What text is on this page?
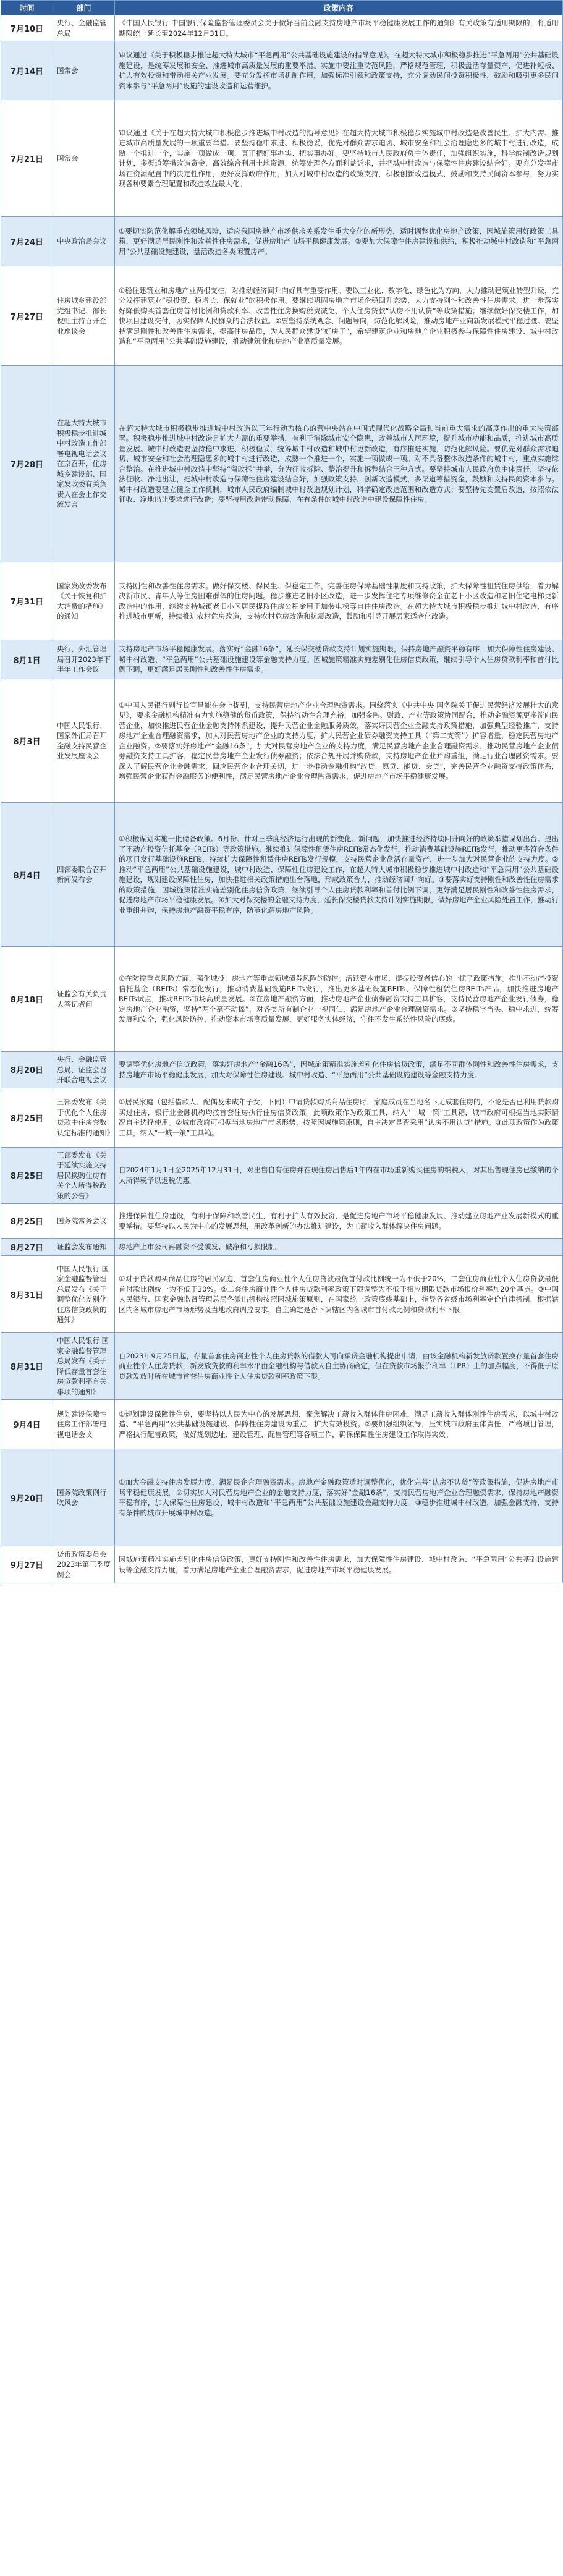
时间	部门	政策内容
7月10日	央行、金融监管总局	《中国人民银行 中国银行保险监督管理委员会关于做好当前金融支持房地产市场平稳健康发展工作的通知》有关政策有适用期限的，将适用期限统一延长至2024年12月31日。
7月14日	国常会	审议通过《关于积极稳步推进超大特大城市“平急两用”公共基础设施建设的指导意见》。在超大特大城市积极稳步推进“平急两用”公共基础设施建设，是统筹发展和安全、推进城市高质量发展的重要举措。实施中要注重防范风险，严格规范管理，积极盘活存量资产，促进补短板、扩大有效投资和带动相关产业发展。要充分发挥市场机制作用，加强标准引领和政策支持，充分调动民间投资积极性，鼓励和吸引更多民间资本参与“平急两用”设施的建设改造和运营维护。
7月21日	国常会	审议通过《关于在超大特大城市积极稳步推进城中村改造的指导意见》在超大特大城市积极稳步实施城中村改造是改善民生、扩大内需、推进城市高质量发展的一项重要举措。要坚持稳中求进、积极稳妥，优先对群众需求迫切、城市安全和社会治理隐患多的城中村进行改造，成熟一个推进一个，实施一项做成一项，真正把好事办实、把实事办好。要坚持城市人民政府负主体责任，加强组织实施，科学编制改造规划计划，多渠道筹措改造资金，高效综合利用土地资源，统筹处理各方面利益诉求，并把城中村改造与保障性住房建设结合好。要充分发挥市场在资源配置中的决定性作用，更好发挥政府作用，加大对城中村改造的政策支持，积极创新改造模式，鼓励和支持民间资本参与，努力实现各种要素合理配置和改造效益最大化。
7月24日	中央政治局会议	①要切实防范化解重点领域风险，适应我国房地产市场供求关系发生重大变化的新形势，适时调整优化房地产政策，因城施策用好政策工具箱，更好满足居民刚性和改善性住房需求，促进房地产市场平稳健康发展。②要加大保障性住房建设和供给，积极推动城中村改造和“平急两用”公共基础设施建设，盘活改造各类闲置房产。
7月27日	住房城乡建设部党组书记、部长倪虹主持召开企业座谈会	①稳住建筑业和房地产业两根支柱，对推动经济回升向好具有重要作用。要以工业化、数字化、绿色化为方向，大力推动建筑业转型升级，充分发挥建筑业“稳投资、稳增长、保就业”的积极作用。要继续巩固房地产市场企稳回升态势，大力支持刚性和改善性住房需求。进一步落实好降低购买首套住房首付比例和贷款利率、改善性住房换购税费减免、个人住房贷款“认房不用认贷”等政策措施；继续做好保交楼工作，加快项目建设交付，切实保障人民群众的合法权益。②要坚持系统观念、问题导向，防范化解风险，推动房地产业向新发展模式平稳过渡。要坚持满足刚性和改善性住房需求，提高住房品质，为人民群众建设“好房子”，希望建筑企业和房地产企业积极参与保障性住房建设、城中村改造和“平急两用”公共基础设施建设，推动建筑业和房地产业高质量发展。
7月28日	在超大特大城市积极稳步推进城中村改造工作部署电视电话会议在京召开，住房城乡建设部、国家发改委有关负责人在会上作交流发言	在超大特大城市积极稳步推进城中村改造以三年行动为核心的营中央站在中国式现代化战略全局和当前重大需求的高度作出的重大决策部署。积极稳步推进城中村改造是扩大内需的重要举措，有利于消除城市安全隐患，改善城市人居环境，提升城市功能和品质，推进城市高质量发展。城中村改造要坚持稳中求进、积极稳妥，统筹城中村改造和城中村更新改造，有序推进实施，防范化解风险。要优先对群众需求迫切、城市安全和社会治理隐患多的城中村进行改造，成熟一个推进一个，实施一项做成一项。对不具备整体改造条件的城中村，重点实施综合整治。在推进城中村改造中坚持“留改拆”并举，分为征收拆除、整治提升和拆整结合三种方式。要坚持城市人民政府负主体责任，坚持依法征收、净地出让，把城中村改造与保障性住房建设结合好，加强政策支持，创新改造模式，多渠道筹措资金，鼓励和支持民间资本参与。城中村改造要建立健全工作机制，城市人民政府编制城中村改造规划计划，科学确定改造范围和改造方式；要坚持先安置后改造，按照依法征收、净地出让要求进行改造；要坚持用改造带动保障，在有条件的城中村改造中建设保障性住房。
7月31日	国家发改委发布《关于恢复和扩大消费的措施》的通知	支持刚性和改善性住房需求。做好保交楼、保民生、保稳定工作，完善住房保障基础性制度和支持政策，扩大保障性租赁住房供给，着力解决新市民、青年人等住房困难群体的住房问题。稳步推进老旧小区改造，进一步发挥住宅专项维修资金在老旧小区改造和老旧住宅电梯更新改造中的作用，继续支持城镇老旧小区居民提取住房公积金用于加装电梯等自住住房改造。在超大特大城市积极稳步推进城中村改造，有序推进城市更新，持续推进农村危房改造，支持农村危房改造和抗震改造，鼓励和引导开展居家适老化改造。
8月1日	央行、外汇管理局召开2023年下半年工作会议	支持房地产市场平稳健康发展。落实好“金融16条”，延长保交楼贷款支持计划实施期限，保持房地产融资平稳有序，加大保障性住房建设、城中村改造、“平急两用”公共基础设施建设等金融支持力度。因城施策精准实施差别化住房信贷政策，继续引导个人住房贷款利率和首付比例下调，更好满足居民刚性和改善性住房需求。
8月3日	中国人民银行、国家外汇局召开金融支持民营企业发展座谈会	①中国人民银行副行长宣昌能在会上提到，支持民营房地产企业合理融资需求。围绕落实《中共中央 国务院关于促进民营经济发展壮大的意见》，要求金融机构精准有力实施稳健的货币政策，保持流动性合理充裕，加强金融、财政、产业等政策协同配合，推动金融资源更多流向民营企业，加快推进民营企业金融支持体系建设，提升民营企业金融服务质效，落实好民营企业金融支持政策措施，加强典型经验推广，支持房地产企业合理融资需求，加大对民营房地产企业的支持力度，扩大民营企业债券融资支持工具（“第二支箭”）扩容增量，稳定民营房地产企业融资。②要落实好房地产“金融16条”，加大对民营房地产企业的支持力度，满足民营房地产企业合理融资需求，推动民营房地产企业债券融资支持工具扩容，稳定民营房地产企业发行债券融资；依法合规开展并购贷款，支持房地产企业并购重组，满足行业合理融资需求。要深入了解民营企业金融需求，回应民营企业合理关切，进一步推动金融机构“敢贷、愿贷、能贷、会贷”，完善民营企业融资支持政策体系，增强民营企业获得金融服务的便利性，满足民营房地产企业合理融资需求，促进房地产市场平稳健康发展。
8月4日	四部委联合召开新闻发布会	①积极谋划实施一批储备政策。6月份、针对三季度经济运行出现的新变化、新问题，加快推进经济持续回升向好的政策举措谋划出台。提出了不动产投资信托基金（REITs）等政策措施。继续推进保障性租赁住房REITs常态化发行，推动消费基础设施REITs发行，推动更多符合条件的项目发行基础设施REITs，持续扩大保障性租赁住房REITs发行规模，支持民营企业盘活存量资产，进一步加大对民营企业的支持力度。②推动“平急两用”公共基础设施建设，城中村改造、保障性住房建设工作，在超大特大城市积极稳步推进城中村改造和“平急两用”公共基础设施建设，规划建设保障性住房，加快推进相关政策措施出台落地，形成政策合力，推动经济回升向好。③要落实好支持刚性和改善性住房需求的政策措施，因城施策精准实施差别化住房信贷政策，继续引导个人住房贷款利率和首付比例下调，更好满足居民刚性和改善性住房需求，促进房地产市场平稳健康发展。④加大对保交楼的金融支持力度，延长保交楼贷款支持计划实施期限，做好房地产企业风险处置工作，推动行业重组并购，保持房地产融资平稳有序，防范化解房地产风险。
8月18日	证监会有关负责人答记者问	①在防控重点风险方面，强化城投、房地产等重点领域债券风险的防控。活跃资本市场、提振投资者信心的一揽子政策措施。推出不动产投资信托基金（REITs）常态化发行，推动消费基础设施REITs发行，推出更多基础设施REITs、保障性租赁住房REITs产品，加快推进房地产REITs试点，推动REITs市场高质量发展。②在房地产融资方面，推动房地产企业债券融资支持工具扩容，支持民营房地产企业发行债券，稳定房地产企业融资，坚持“两个毫不动摇”，对各类所有制企业一视同仁，满足房地产企业合理融资需求。③坚持稳字当头、稳中求进，统筹发展和安全，强化风险防控，推动资本市场高质量发展，更好服务实体经济，守住不发生系统性风险的底线。
8月20日	央行、金融监管总局、证监会召开联合电视会议	要调整优化房地产信贷政策，落实好房地产“金融16条”，因城施策精准实施差别化住房信贷政策，满足不同群体刚性和改善性住房需求，支持房地产市场平稳健康发展，加大对保障性住房建设、城中村改造、“平急两用”公共基础设施建设等金融支持力度。
8月25日	三部委发布《关于优化个人住房贷款中住房套数认定标准的通知》	①居民家庭（包括借款人、配偶及未成年子女，下同）申请贷款购买商品住房时，家庭成员在当地名下无成套住房的，不论是否已利用贷款购买过住房，银行业金融机构均按首套住房执行住房信贷政策。此项政策作为政策工具，纳入“一城一策”工具箱，城市政府可根据当地实际情况自主选择使用。②城市政府可根据当地房地产市场形势，按照因城施策原则，自主决定是否采用“认房不用认贷”措施。③此项政策作为政策工具，纳入“一城一策”工具箱。
8月25日	三部委发布《关于延续实施支持居民换购住房有关个人所得税政策的公告》	自2024年1月1日至2025年12月31日，对出售自有住房并在现住房出售后1年内在市场重新购买住房的纳税人，对其出售现住房已缴纳的个人所得税予以退税优惠。
8月25日	国务院常务会议	推进保障性住房建设，有利于保障和改善民生，有利于扩大有效投资，是促进房地产市场平稳健康发展、推动建立房地产业发展新模式的重要举措。要坚持以人民为中心的发展思想，用改革创新的办法推进建设，为工薪收入群体解决住房问题。
8月27日	证监会发布通知	房地产上市公司再融资不受破发、破净和亏损限制。
8月31日	中国人民银行 国家金融监督管理总局发布《关于调整优化差别化住房信贷政策的通知》	①对于贷款购买商品住房的居民家庭，首套住房商业性个人住房贷款最低首付款比例统一为不低于20%，二套住房商业性个人住房贷款最低首付款比例统一为不低于30%。②二套住房商业性个人住房贷款利率政策下限调整为不低于相应期限贷款市场报价利率加20个基点。③中国人民银行、国家金融监督管理总局各派出机构按照因城施策原则，在国家统一政策底线基础上，指导各省级市场利率定价自律机制，根据辖区内各城市房地产市场形势及当地政府调控要求，自主确定是否下调辖区内各城市首付款比例和贷款利率下限。
8月31日	中国人民银行 国家金融监督管理总局发布《关于降低存量首套住房贷款利率有关事项的通知》	自2023年9月25日起，存量首套住房商业性个人住房贷款的借款人可向承贷金融机构提出申请，由该金融机构新发放贷款置换存量首套住房商业性个人住房贷款，新发放贷款的利率水平由金融机构与借款人自主协商确定，但在贷款市场报价利率（LPR）上的加点幅度，不得低于原贷款发放时所在城市首套住房商业性个人住房贷款利率政策下限。
9月4日	规划建设保障性住房工作部署电视电话会议	①规划建设保障性住房，要坚持以人民为中心的发展思想，聚焦解决工薪收入群体住房困难，满足工薪收入群体刚性住房需求，以城中村改造、“平急两用”公共基础设施建设、保障性住房建设为重点，扩大有效投资。②要加强组织领导，压实城市政府主体责任，严格项目管理，严格执行配售政策，做好规划选址、建设管理、配售管理等各项工作，确保保障性住房建设工作取得实效。
9月20日	国务院政策例行吹风会	①加大金融支持住房发展力度，满足民企合理融资需求。房地产金融政策适时调整优化，优化完善“认房不认贷”等政策措施，促进房地产市场平稳健康发展。②切实加大对民营房地产企业的金融支持力度，落实好“金融16条”，支持民营房地产企业合理融资需求，保持房地产融资平稳有序，加大保障性住房建设、城中村改造和“平急两用”公共基础设施建设金融支持力度。③稳步推进城中村改造，加强金融支持，支持有条件的城市开展城中村改造。
9月27日	货币政策委员会2023年第三季度例会	因城施策精准实施差别化住房信贷政策，更好支持刚性和改善性住房需求，加大保障性住房建设、城中村改造、“平急两用”公共基础设施建设等金融支持力度，着力满足房地产企业合理融资需求，促进房地产市场平稳健康发展。
